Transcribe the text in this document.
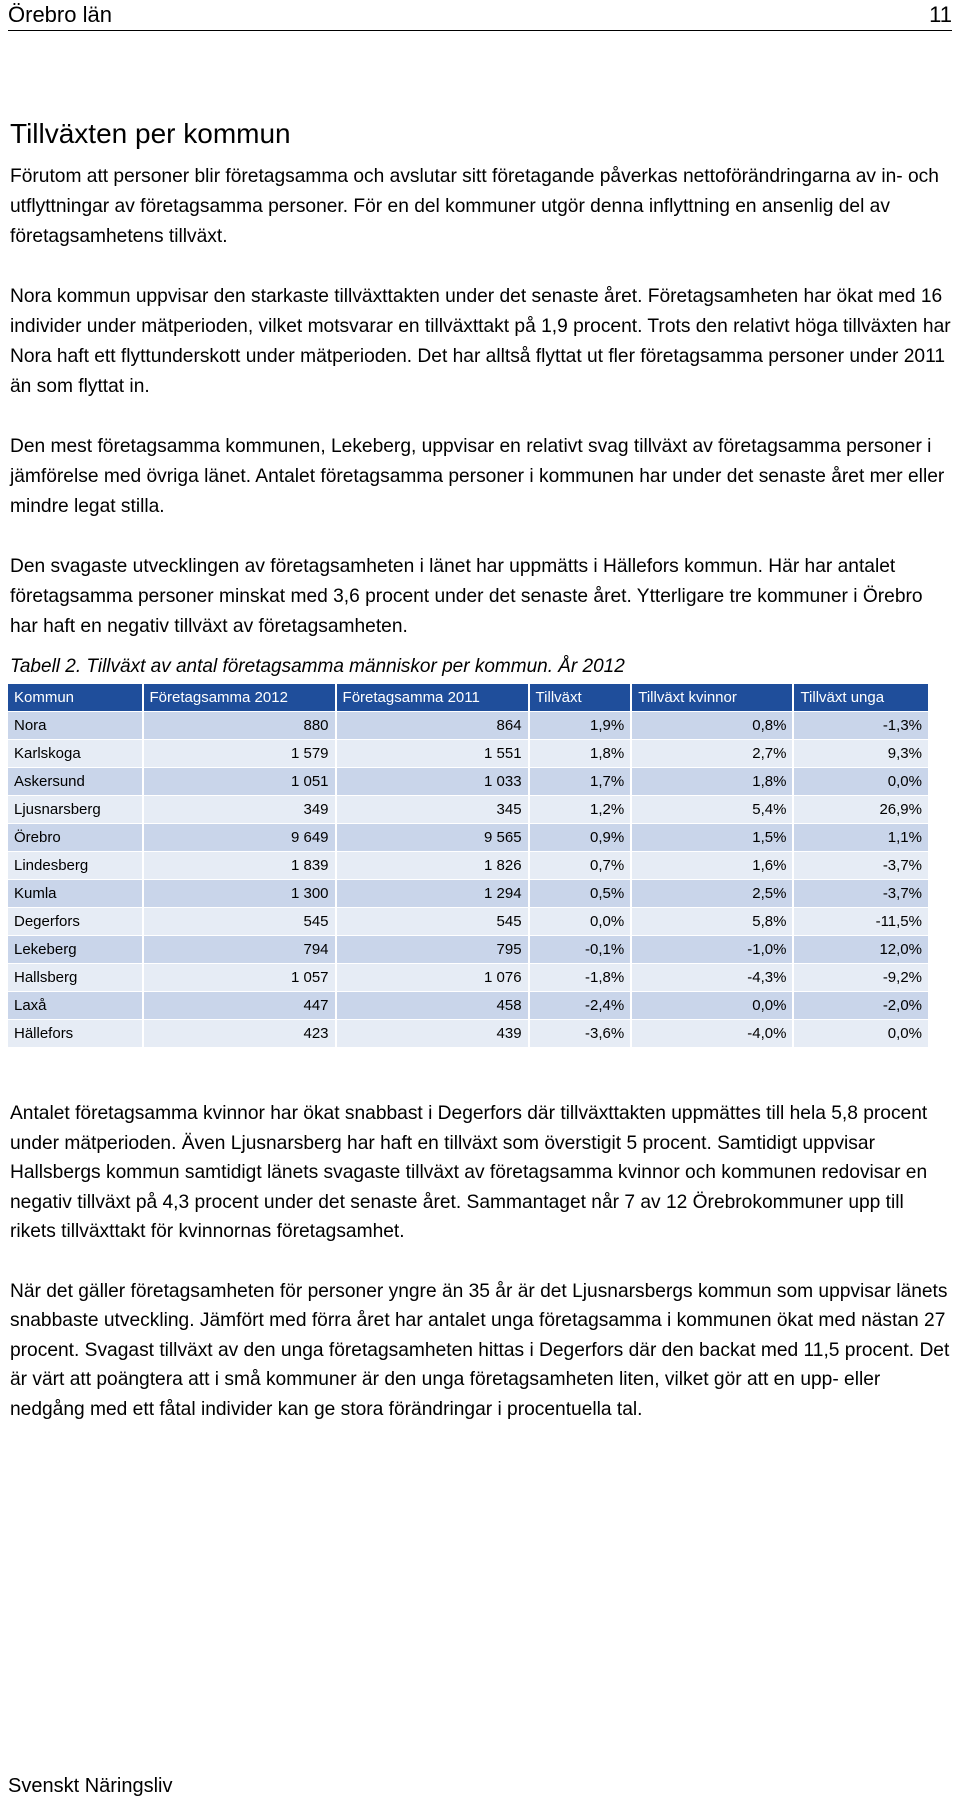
Örebro län	11
Tillväxten per kommun

Förutom att personer blir företagsamma och avslutar sitt företagande påverkas nettoförändringarna av in- och utflyttningar av företagsamma personer. För en del kommuner utgör denna inflyttning en ansenlig del av företagsamhetens tillväxt.

Nora kommun uppvisar den starkaste tillväxttakten under det senaste året. Företagsamheten har ökat med 16 individer under mätperioden, vilket motsvarar en tillväxttakt på 1,9 procent. Trots den relativt höga tillväxten har Nora haft ett flyttunderskott under mätperioden. Det har alltså flyttat ut fler företagsamma personer under 2011 än som flyttat in.

Den mest företagsamma kommunen, Lekeberg, uppvisar en relativt svag tillväxt av företagsamma personer i jämförelse med övriga länet. Antalet företagsamma personer i kommunen har under det senaste året mer eller mindre legat stilla.

Den svagaste utvecklingen av företagsamheten i länet har uppmätts i Hällefors kommun. Här har antalet företagsamma personer minskat med 3,6 procent under det senaste året. Ytterligare tre kommuner i Örebro har haft en negativ tillväxt av företagsamheten.

Tabell 2. Tillväxt av antal företagsamma människor per kommun. År 2012
Kommun	Företagsamma 2012	Företagsamma 2011	Tillväxt	Tillväxt kvinnor	Tillväxt unga
Nora	880	864	1,9%	0,8%	-1,3%
Karlskoga	1 579	1 551	1,8%	2,7%	9,3%
Askersund	1 051	1 033	1,7%	1,8%	0,0%
Ljusnarsberg	349	345	1,2%	5,4%	26,9%
Örebro	9 649	9 565	0,9%	1,5%	1,1%
Lindesberg	1 839	1 826	0,7%	1,6%	-3,7%
Kumla	1 300	1 294	0,5%	2,5%	-3,7%
Degerfors	545	545	0,0%	5,8%	-11,5%
Lekeberg	794	795	-0,1%	-1,0%	12,0%
Hallsberg	1 057	1 076	-1,8%	-4,3%	-9,2%
Laxå	447	458	-2,4%	0,0%	-2,0%
Hällefors	423	439	-3,6%	-4,0%	0,0%

Antalet företagsamma kvinnor har ökat snabbast i Degerfors där tillväxttakten uppmättes till hela 5,8 procent under mätperioden. Även Ljusnarsberg har haft en tillväxt som överstigit 5 procent. Samtidigt uppvisar Hallsbergs kommun samtidigt länets svagaste tillväxt av företagsamma kvinnor och kommunen redovisar en negativ tillväxt på 4,3 procent under det senaste året. Sammantaget når 7 av 12 Örebrokommuner upp till rikets tillväxttakt för kvinnornas företagsamhet.

När det gäller företagsamheten för personer yngre än 35 år är det Ljusnarsbergs kommun som uppvisar länets snabbaste utveckling. Jämfört med förra året har antalet unga företagsamma i kommunen ökat med nästan 27 procent. Svagast tillväxt av den unga företagsamheten hittas i Degerfors där den backat med 11,5 procent. Det är värt att poängtera att i små kommuner är den unga företagsamheten liten, vilket gör att en upp- eller nedgång med ett fåtal individer kan ge stora förändringar i procentuella tal.

Svenskt Näringsliv
